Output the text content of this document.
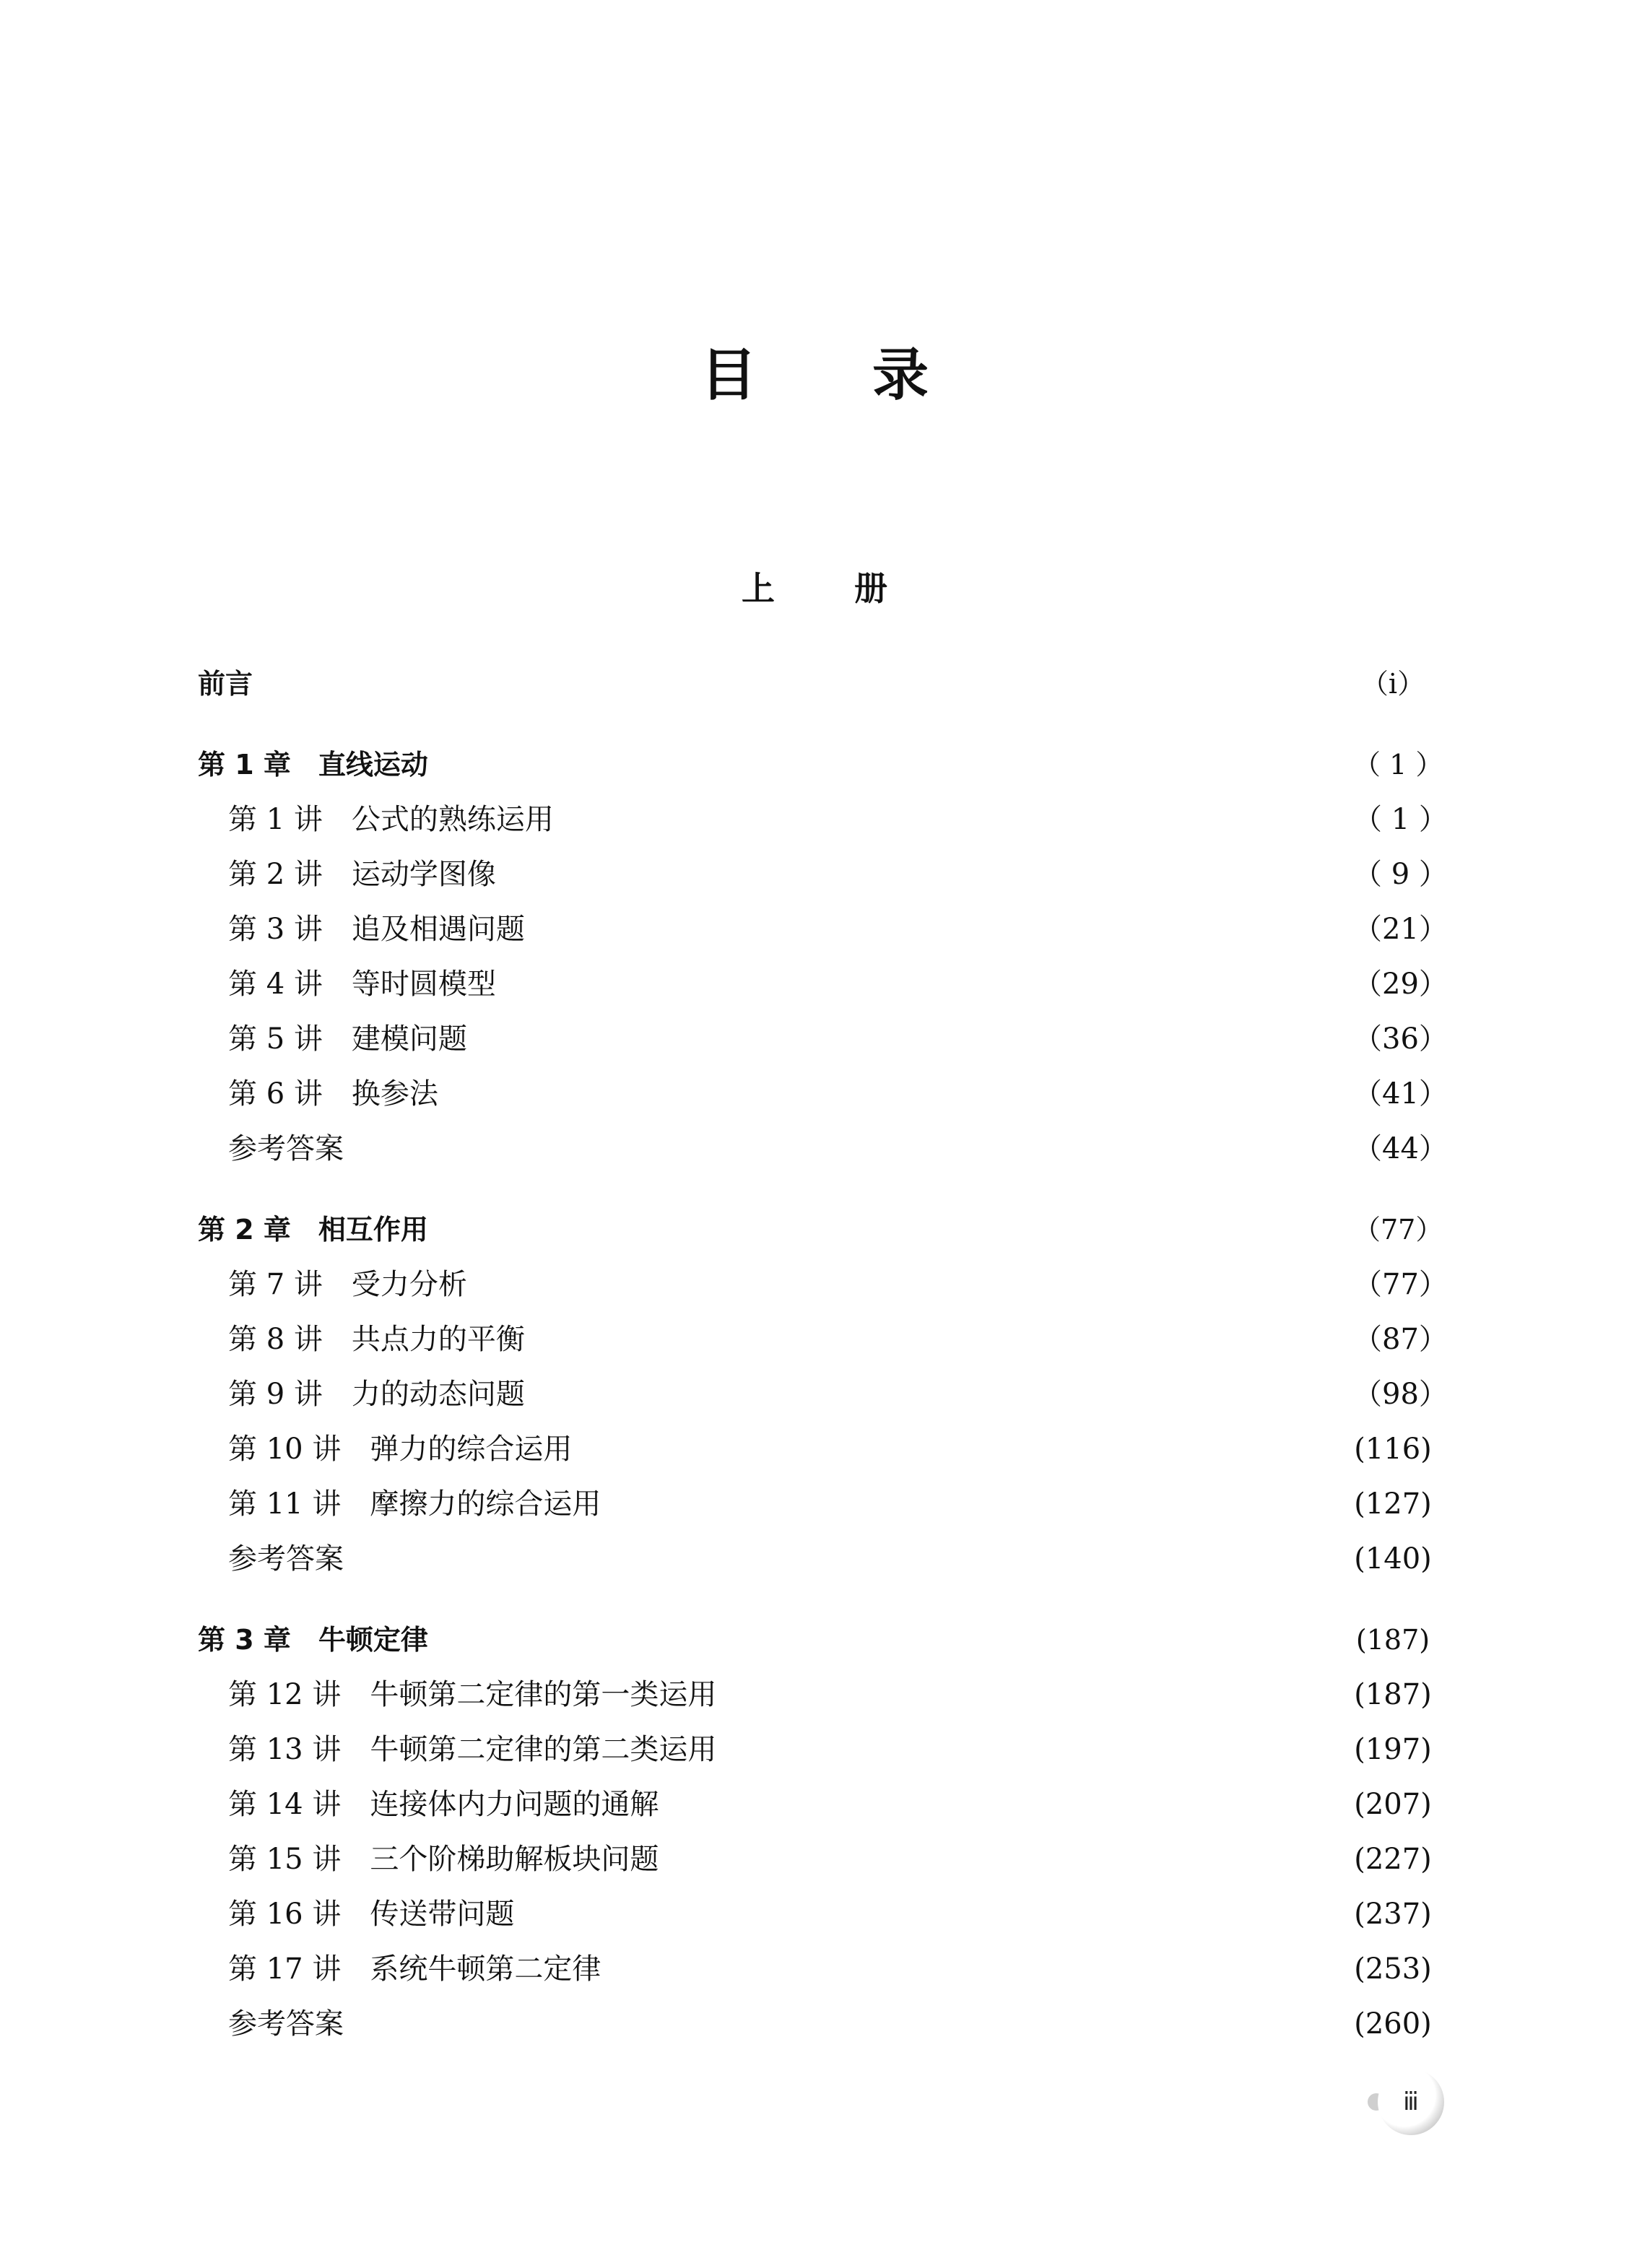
目录
上册
前言	（ⅰ）
第 1 章　直线运动	（ 1 ）
第 1 讲　公式的熟练运用	（ 1 ）
第 2 讲　运动学图像	（ 9 ）
第 3 讲　追及相遇问题	（21）
第 4 讲　等时圆模型	（29）
第 5 讲　建模问题	（36）
第 6 讲　换参法	（41）
参考答案	（44）
第 2 章　相互作用	（77）
第 7 讲　受力分析	（77）
第 8 讲　共点力的平衡	（87）
第 9 讲　力的动态问题	（98）
第 10 讲　弹力的综合运用	(116)
第 11 讲　摩擦力的综合运用	(127)
参考答案	(140)
第 3 章　牛顿定律	(187)
第 12 讲　牛顿第二定律的第一类运用	(187)
第 13 讲　牛顿第二定律的第二类运用	(197)
第 14 讲　连接体内力问题的通解	(207)
第 15 讲　三个阶梯助解板块问题	(227)
第 16 讲　传送带问题	(237)
第 17 讲　系统牛顿第二定律	(253)
参考答案	(260)
ⅲ
